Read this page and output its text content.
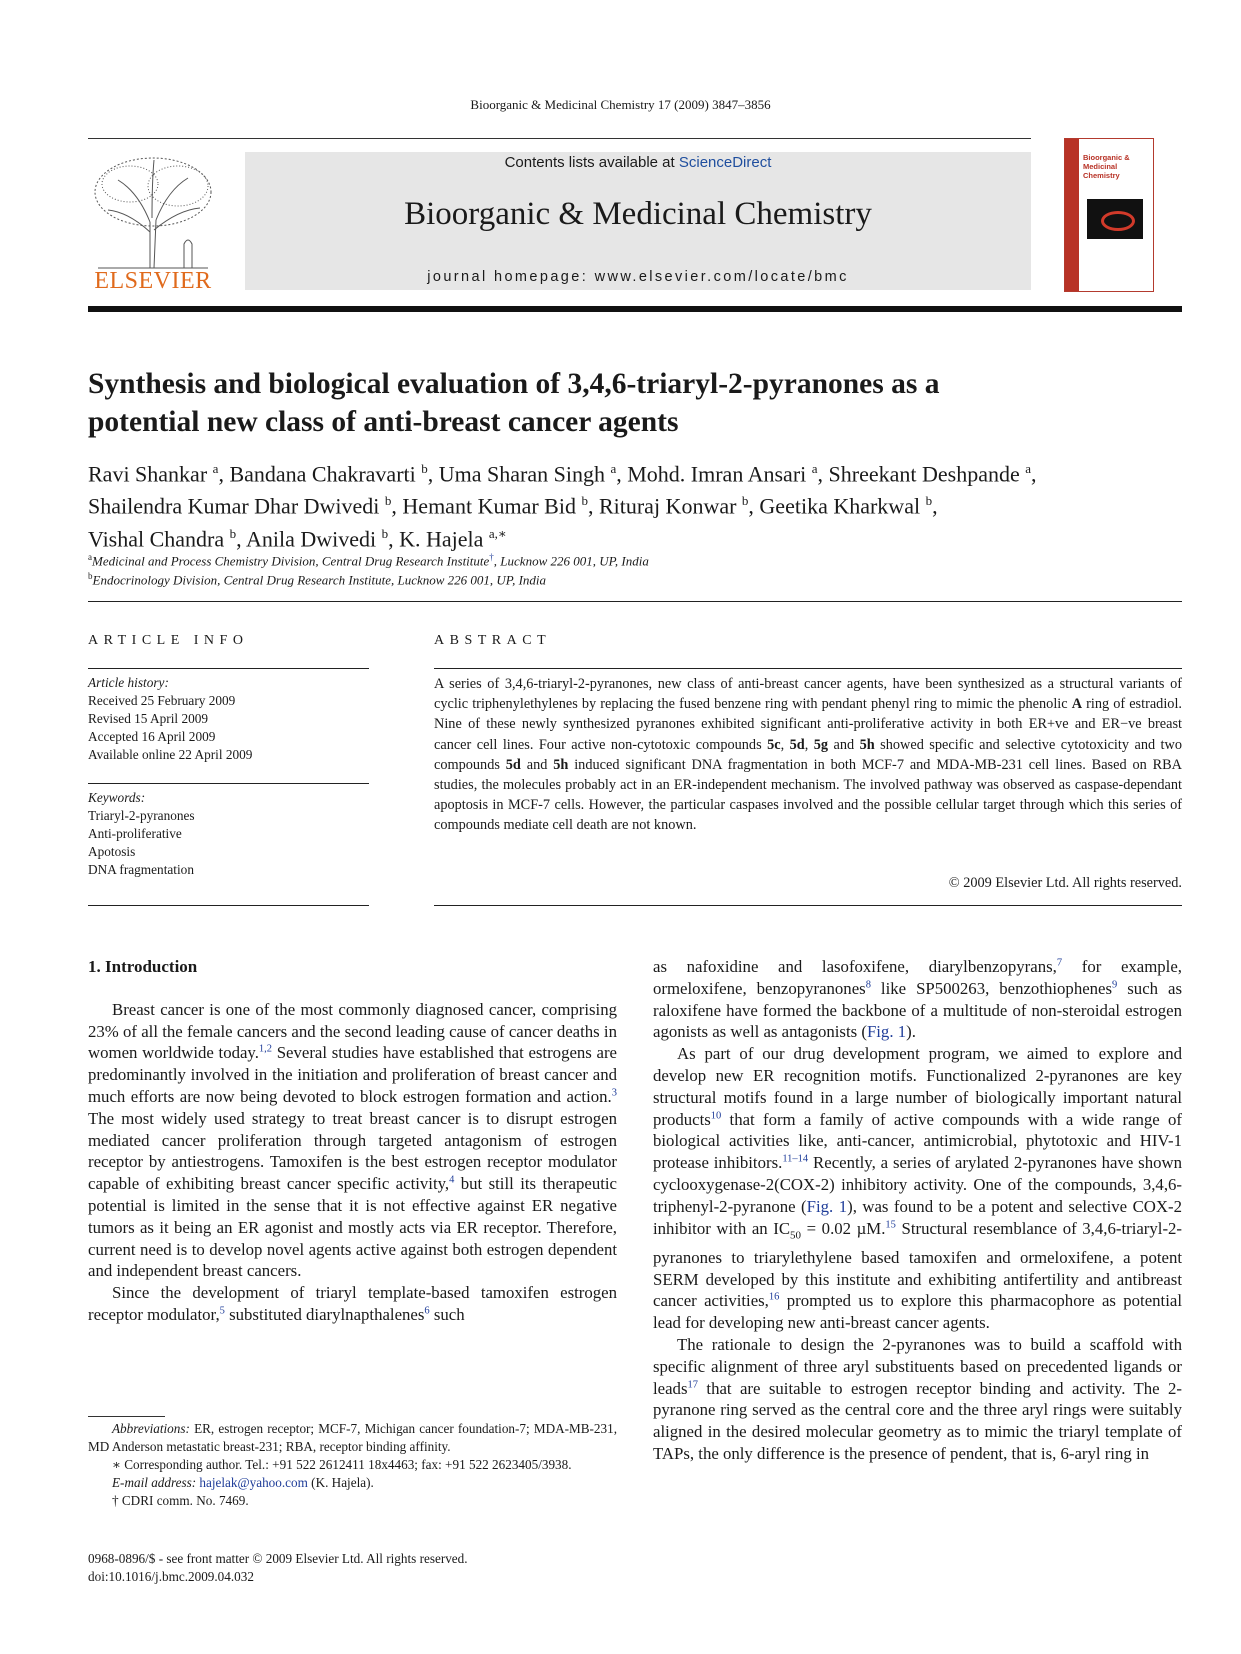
Bioorganic & Medicinal Chemistry 17 (2009) 3847–3856
ELSEVIER
Contents lists available at ScienceDirect
Bioorganic & Medicinal Chemistry
journal homepage: www.elsevier.com/locate/bmc
Bioorganic & Medicinal Chemistry
Synthesis and biological evaluation of 3,4,6-triaryl-2-pyranones as a
potential new class of anti-breast cancer agents
Ravi Shankar $^a$, Bandana Chakravarti $^b$, Uma Sharan Singh $^a$, Mohd. Imran Ansari $^a$, Shreekant Deshpande $^a$,
Shailendra Kumar Dhar Dwivedi $^b$, Hemant Kumar Bid $^b$, Rituraj Konwar $^b$, Geetika Kharkwal $^b$,
Vishal Chandra $^b$, Anila Dwivedi $^b$, K. Hajela $^{a,∗}$
$^a$Medicinal and Process Chemistry Division, Central Drug Research Institute†, Lucknow 226 001, UP, India
$^b$Endocrinology Division, Central Drug Research Institute, Lucknow 226 001, UP, India
ARTICLE INFO
Article history:
Received 25 February 2009
Revised 15 April 2009
Accepted 16 April 2009
Available online 22 April 2009
Keywords:
Triaryl-2-pyranones
Anti-proliferative
Apotosis
DNA fragmentation
ABSTRACT
A series of 3,4,6-triaryl-2-pyranones, new class of anti-breast cancer agents, have been synthesized as a structural variants of cyclic triphenylethylenes by replacing the fused benzene ring with pendant phenyl ring to mimic the phenolic A ring of estradiol. Nine of these newly synthesized pyranones exhibited significant anti-proliferative activity in both ER+ve and ER−ve breast cancer cell lines. Four active non-cytotoxic compounds 5c, 5d, 5g and 5h showed specific and selective cytotoxicity and two compounds 5d and 5h induced significant DNA fragmentation in both MCF-7 and MDA-MB-231 cell lines. Based on RBA studies, the molecules probably act in an ER-independent mechanism. The involved pathway was observed as caspase-dependant apoptosis in MCF-7 cells. However, the particular caspases involved and the possible cellular target through which this series of compounds mediate cell death are not known.
© 2009 Elsevier Ltd. All rights reserved.
1. Introduction

Breast cancer is one of the most commonly diagnosed cancer, comprising 23% of all the female cancers and the second leading cause of cancer deaths in women worldwide today.$^{1,2}$ Several studies have established that estrogens are predominantly involved in the initiation and proliferation of breast cancer and much efforts are now being devoted to block estrogen formation and action.$^3$ The most widely used strategy to treat breast cancer is to disrupt estrogen mediated cancer proliferation through targeted antagonism of estrogen receptor by antiestrogens. Tamoxifen is the best estrogen receptor modulator capable of exhibiting breast cancer specific activity,$^4$ but still its therapeutic potential is limited in the sense that it is not effective against ER negative tumors as it being an ER agonist and mostly acts via ER receptor. Therefore, current need is to develop novel agents active against both estrogen dependent and independent breast cancers.

Since the development of triaryl template-based tamoxifen estrogen receptor modulator,$^5$ substituted diarylnapthalenes$^6$ such

Abbreviations: ER, estrogen receptor; MCF-7, Michigan cancer foundation-7; MDA-MB-231, MD Anderson metastatic breast-231; RBA, receptor binding affinity.

∗ Corresponding author. Tel.: +91 522 2612411 18x4463; fax: +91 522 2623405/3938.

E-mail address: hajelak@yahoo.com (K. Hajela).

† CDRI comm. No. 7469.

0968-0896/$ - see front matter © 2009 Elsevier Ltd. All rights reserved.
doi:10.1016/j.bmc.2009.04.032

as nafoxidine and lasofoxifene, diarylbenzopyrans,$^7$ for example, ormeloxifene, benzopyranones$^8$ like SP500263, benzothiophenes$^9$ such as raloxifene have formed the backbone of a multitude of non-steroidal estrogen agonists as well as antagonists (Fig. 1).

As part of our drug development program, we aimed to explore and develop new ER recognition motifs. Functionalized 2-pyranones are key structural motifs found in a large number of biologically important natural products$^{10}$ that form a family of active compounds with a wide range of biological activities like, anti-cancer, antimicrobial, phytotoxic and HIV-1 protease inhibitors.$^{11-14}$ Recently, a series of arylated 2-pyranones have shown cyclooxygenase-2(COX-2) inhibitory activity. One of the compounds, 3,4,6-triphenyl-2-pyranone (Fig. 1), was found to be a potent and selective COX-2 inhibitor with an $IC_{50} = 0.02$ µM.$^{15}$ Structural resemblance of 3,4,6-triaryl-2-pyranones to triarylethylene based tamoxifen and ormeloxifene, a potent SERM developed by this institute and exhibiting antifertility and antibreast cancer activities,$^{16}$ prompted us to explore this pharmacophore as potential lead for developing new anti-breast cancer agents.

The rationale to design the 2-pyranones was to build a scaffold with specific alignment of three aryl substituents based on precedented ligands or leads$^{17}$ that are suitable to estrogen receptor binding and activity. The 2-pyranone ring served as the central core and the three aryl rings were suitably aligned in the desired molecular geometry as to mimic the triaryl template of TAPs, the only difference is the presence of pendent, that is, 6-aryl ring in
